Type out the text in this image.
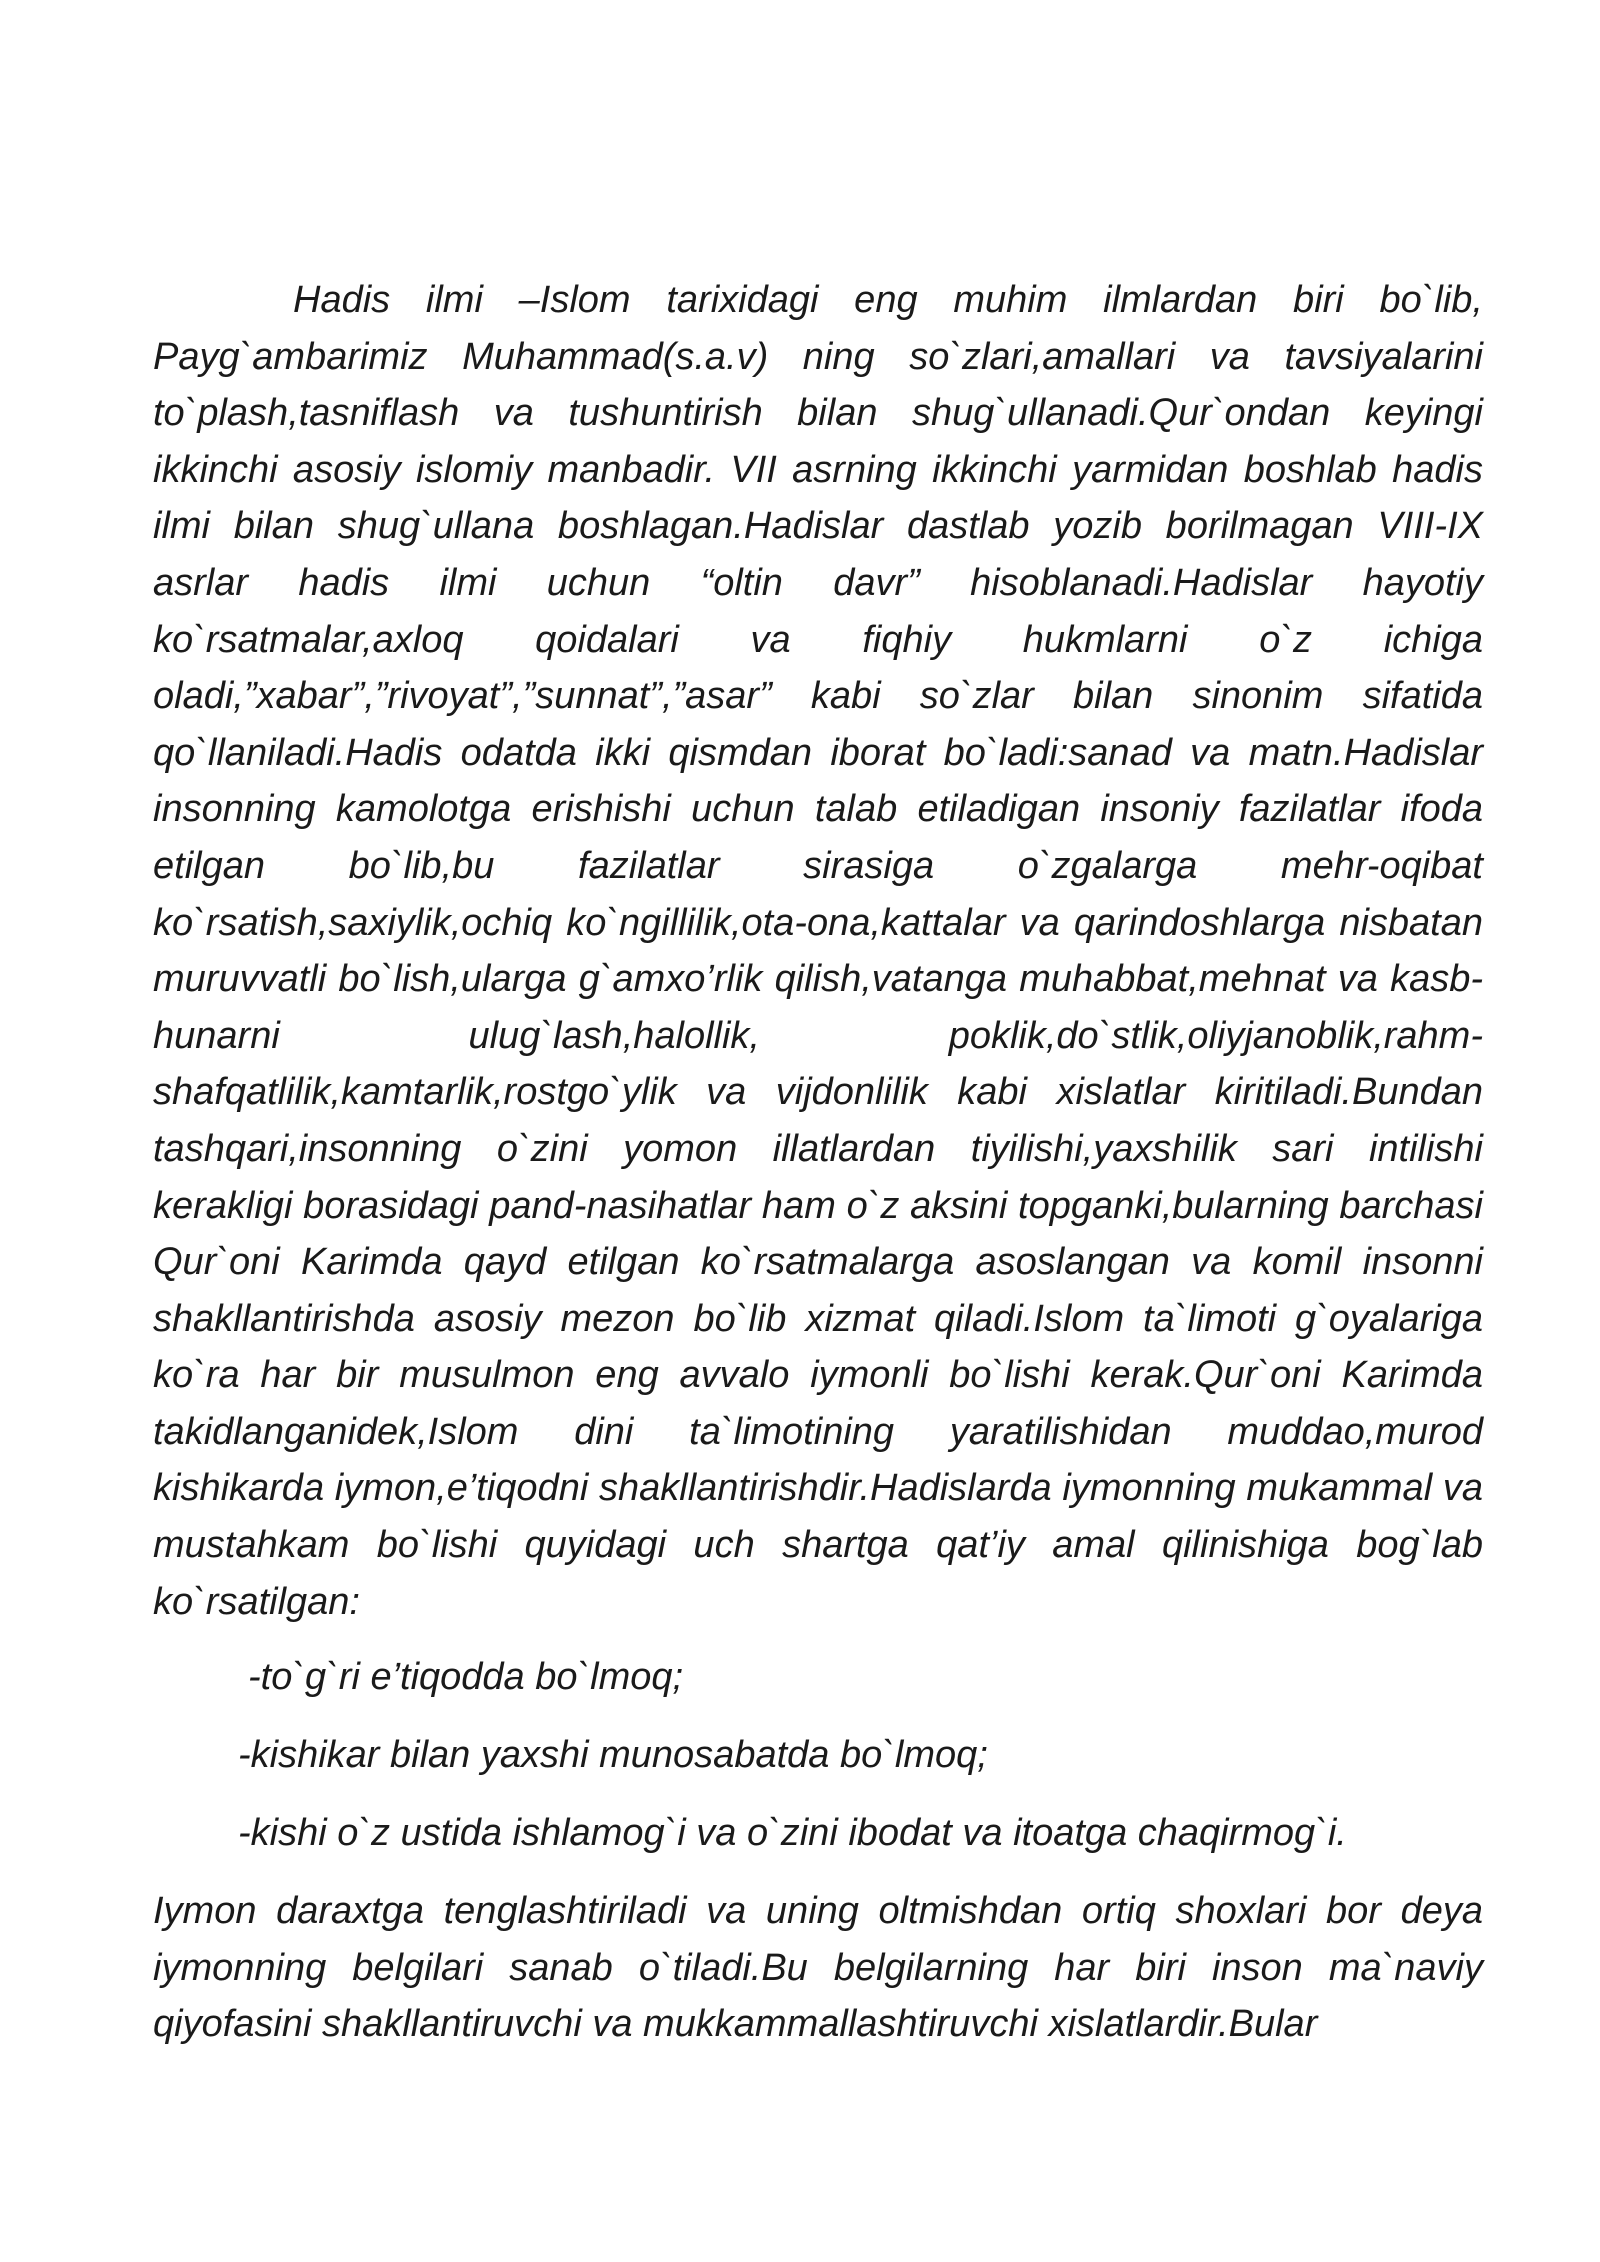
Hadis ilmi –Islom tarixidagi eng muhim ilmlardan biri bo`lib, Payg`ambarimiz Muhammad(s.a.v) ning so`zlari,amallari va tavsiyalarini to`plash,tasniflash va tushuntirish bilan shug`ullanadi.Qur`ondan keyingi ikkinchi asosiy islomiy manbadir. VII asrning ikkinchi yarmidan boshlab hadis ilmi bilan shug`ullana boshlagan.Hadislar dastlab yozib borilmagan VIII-IX asrlar hadis ilmi uchun “oltin davr” hisoblanadi.Hadislar hayotiy ko`rsatmalar,axloq qoidalari va fiqhiy hukmlarni o`z ichiga oladi,”xabar”,”rivoyat”,”sunnat”,”asar” kabi so`zlar bilan sinonim sifatida qo`llaniladi.Hadis odatda ikki qismdan iborat bo`ladi:sanad va matn.Hadislar insonning kamolotga erishishi uchun talab etiladigan insoniy fazilatlar ifoda etilgan bo`lib,bu fazilatlar sirasiga o`zgalarga mehr-oqibat ko`rsatish,saxiylik,ochiq ko`ngillilik,ota-ona,kattalar va qarindoshlarga nisbatan muruvvatli bo`lish,ularga g`amxo’rlik qilish,vatanga muhabbat,mehnat va kasb-hunarni ulug`lash,halollik, poklik,do`stlik,oliyjanoblik,rahm-shafqatlilik,kamtarlik,rostgo`ylik va vijdonlilik kabi xislatlar kiritiladi.Bundan tashqari,insonning o`zini yomon illatlardan tiyilishi,yaxshilik sari intilishi kerakligi borasidagi pand-nasihatlar ham o`z aksini topganki,bularning barchasi Qur`oni Karimda qayd etilgan ko`rsatmalarga asoslangan va komil insonni shakllantirishda asosiy mezon bo`lib xizmat qiladi.Islom ta`limoti g`oyalariga ko`ra har bir musulmon eng avvalo iymonli bo`lishi kerak.Qur`oni Karimda takidlanganidek,Islom dini ta`limotining yaratilishidan muddao,murod kishikarda iymon,e’tiqodni shakllantirishdir.Hadislarda iymonning mukammal va mustahkam bo`lishi quyidagi uch shartga qat’iy amal qilinishiga bog`lab ko`rsatilgan:

-to`g`ri e’tiqodda bo`lmoq;

-kishikar bilan yaxshi munosabatda bo`lmoq;

-kishi o`z ustida ishlamog`i va o`zini ibodat va itoatga chaqirmog`i.

Iymon daraxtga tenglashtiriladi va uning oltmishdan ortiq shoxlari bor deya iymonning belgilari sanab o`tiladi.Bu belgilarning har biri inson ma`naviy qiyofasini shakllantiruvchi va mukkammallashtiruvchi xislatlardir.Bular
